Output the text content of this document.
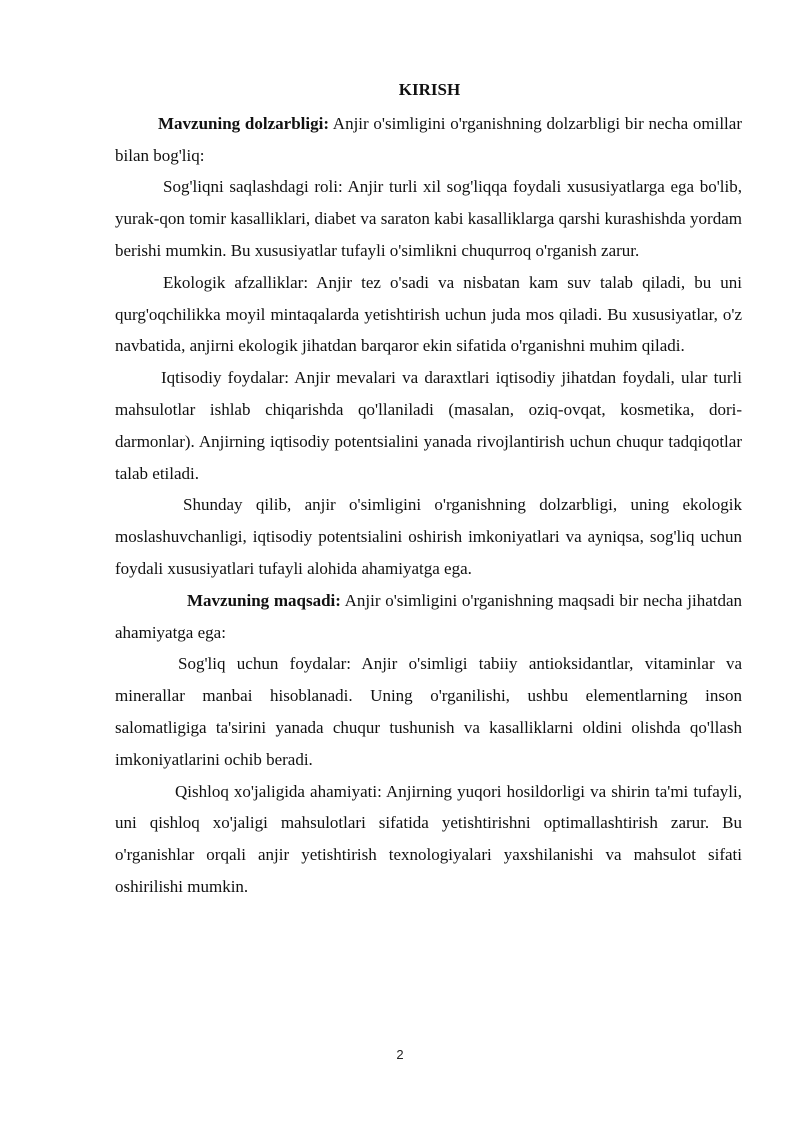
KIRISH

Mavzuning dolzarbligi: Anjir o'simligini o'rganishning dolzarbligi bir necha omillar bilan bog'liq:

Sog'liqni saqlashdagi roli: Anjir turli xil sog'liqqa foydali xususiyatlarga ega bo'lib, yurak-qon tomir kasalliklari, diabet va saraton kabi kasalliklarga qarshi kurashishda yordam berishi mumkin. Bu xususiyatlar tufayli o'simlikni chuqurroq o'rganish zarur.

Ekologik afzalliklar: Anjir tez o'sadi va nisbatan kam suv talab qiladi, bu uni qurg'oqchilikka moyil mintaqalarda yetishtirish uchun juda mos qiladi. Bu xususiyatlar, o'z navbatida, anjirni ekologik jihatdan barqaror ekin sifatida o'rganishni muhim qiladi.

Iqtisodiy foydalar: Anjir mevalari va daraxtlari iqtisodiy jihatdan foydali, ular turli mahsulotlar ishlab chiqarishda qo'llaniladi (masalan, oziq-ovqat, kosmetika, dori-darmonlar). Anjirning iqtisodiy potentsialini yanada rivojlantirish uchun chuqur tadqiqotlar talab etiladi.

Shunday qilib, anjir o'simligini o'rganishning dolzarbligi, uning ekologik moslashuvchanligi, iqtisodiy potentsialini oshirish imkoniyatlari va ayniqsa, sog'liq uchun foydali xususiyatlari tufayli alohida ahamiyatga ega.

Mavzuning maqsadi: Anjir o'simligini o'rganishning maqsadi bir necha jihatdan ahamiyatga ega:

Sog'liq uchun foydalar: Anjir o'simligi tabiiy antioksidantlar, vitaminlar va minerallar manbai hisoblanadi. Uning o'rganilishi, ushbu elementlarning inson salomatligiga ta'sirini yanada chuqur tushunish va kasalliklarni oldini olishda qo'llash imkoniyatlarini ochib beradi.

Qishloq xo'jaligida ahamiyati: Anjirning yuqori hosildorligi va shirin ta'mi tufayli, uni qishloq xo'jaligi mahsulotlari sifatida yetishtirishni optimallashtirish zarur. Bu o'rganishlar orqali anjir yetishtirish texnologiyalari yaxshilanishi va mahsulot sifati oshirilishi mumkin.

2
